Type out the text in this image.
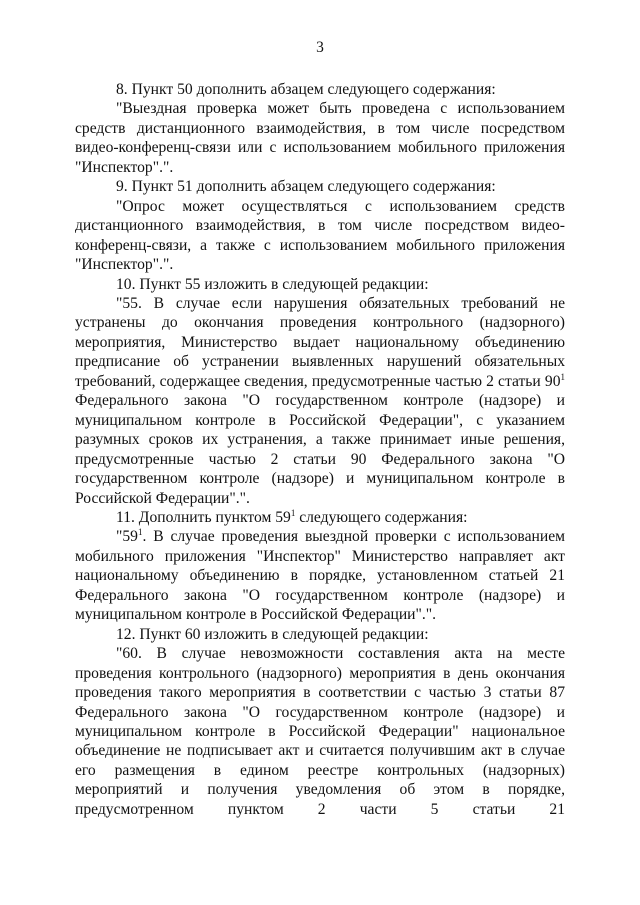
3

8. Пункт 50 дополнить абзацем следующего содержания:

"Выездная проверка может быть проведена с использованием средств дистанционного взаимодействия, в том числе посредством видео-конференц-связи или с использованием мобильного приложения "Инспектор".".

9. Пункт 51 дополнить абзацем следующего содержания:

"Опрос может осуществляться с использованием средств дистанционного взаимодействия, в том числе посредством видео-конференц-связи, а также с использованием мобильного приложения "Инспектор".".

10. Пункт 55 изложить в следующей редакции:

"55. В случае если нарушения обязательных требований не устранены до окончания проведения контрольного (надзорного) мероприятия, Министерство выдает национальному объединению предписание об устранении выявленных нарушений обязательных требований, содержащее сведения, предусмотренные частью 2 статьи $90^1$ Федерального закона "О государственном контроле (надзоре) и муниципальном контроле в Российской Федерации", с указанием разумных сроков их устранения, а также принимает иные решения, предусмотренные частью 2 статьи 90 Федерального закона "О государственном контроле (надзоре) и муниципальном контроле в Российской Федерации".".

11. Дополнить пунктом $59^1$ следующего содержания:

"$59^1$. В случае проведения выездной проверки с использованием мобильного приложения "Инспектор" Министерство направляет акт национальному объединению в порядке, установленном статьей 21 Федерального закона "О государственном контроле (надзоре) и муниципальном контроле в Российской Федерации".".

12. Пункт 60 изложить в следующей редакции:

"60. В случае невозможности составления акта на месте проведения контрольного (надзорного) мероприятия в день окончания проведения такого мероприятия в соответствии с частью 3 статьи 87 Федерального закона "О государственном контроле (надзоре) и муниципальном контроле в Российской Федерации" национальное объединение не подписывает акт и считается получившим акт в случае его размещения в едином реестре контрольных (надзорных) мероприятий и получения уведомления об этом в порядке, предусмотренном пунктом 2 части 5 статьи 21
